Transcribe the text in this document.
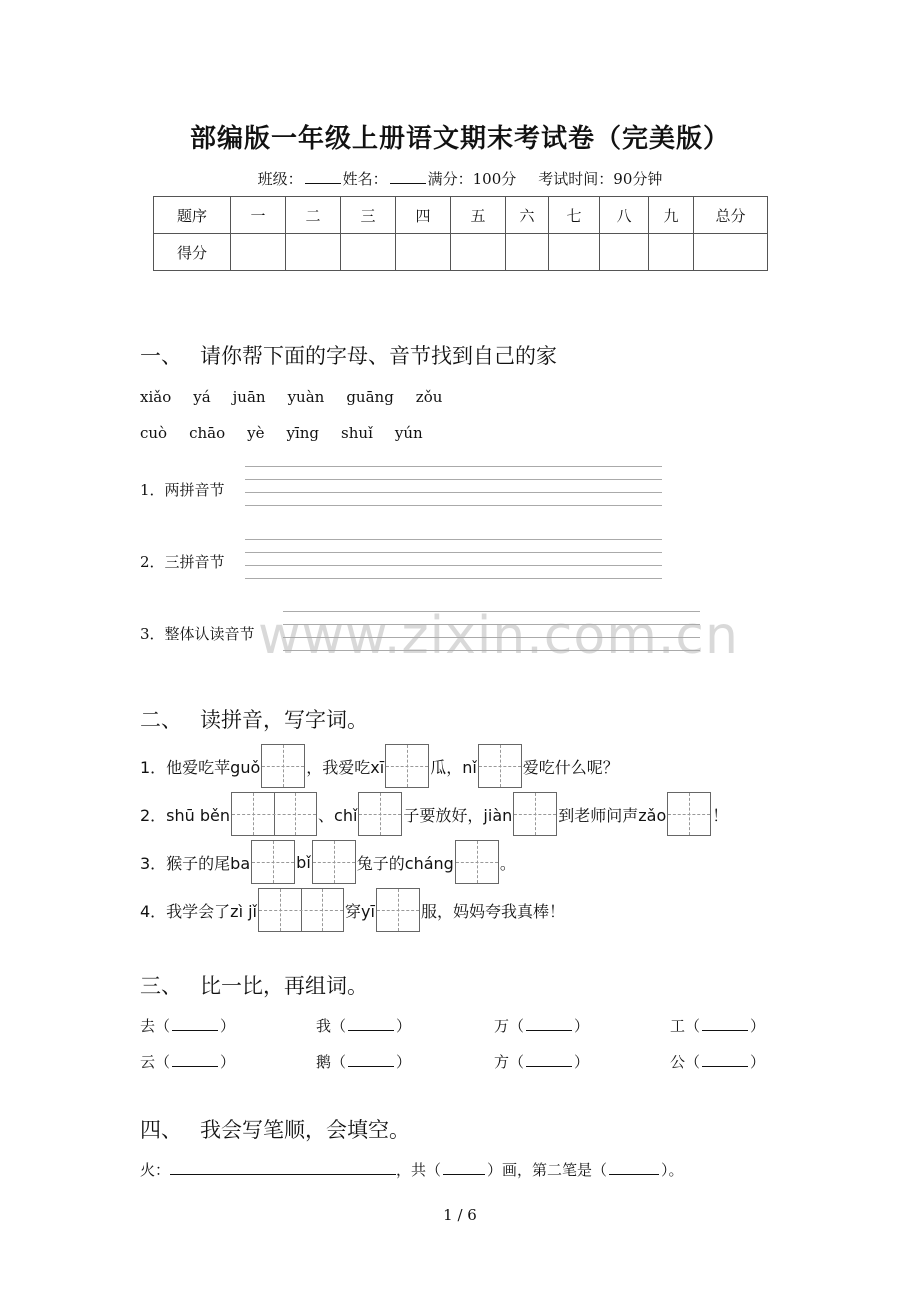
部编版一年级上册语文期末考试卷（完美版）
班级：	姓名：	满分：100分 考试时间：90分钟
题序	一	二	三	四	五	六	七	八	九	总分
得分										
一、 请你帮下面的字母、音节找到自己的家
xiǎo yá juān yuàn guāng zǒu
cuò chāo yè yīng shuǐ yún
1．两拼音节
2．三拼音节
3．整体认读音节 www.zixin.com.cn
二、 读拼音，写字词。
1．他爱吃苹guǒ	，我爱吃xī	瓜，nǐ	爱吃什么呢？
2．shū běn	、chǐ	子要放好，jiàn	到老师问声zǎo	！
3．猴子的尾ba	bǐ	兔子的cháng	。
4．我学会了zì jǐ	穿yī	服，妈妈夸我真棒！
三、 比一比，再组词。
去（	）	我（	）	万（	）	工（	）
云（	）	鹅（	）	方（	）	公（	）
四、 我会写笔顺，会填空。
火：	，共（	）画，第二笔是（	）。
1 / 6
